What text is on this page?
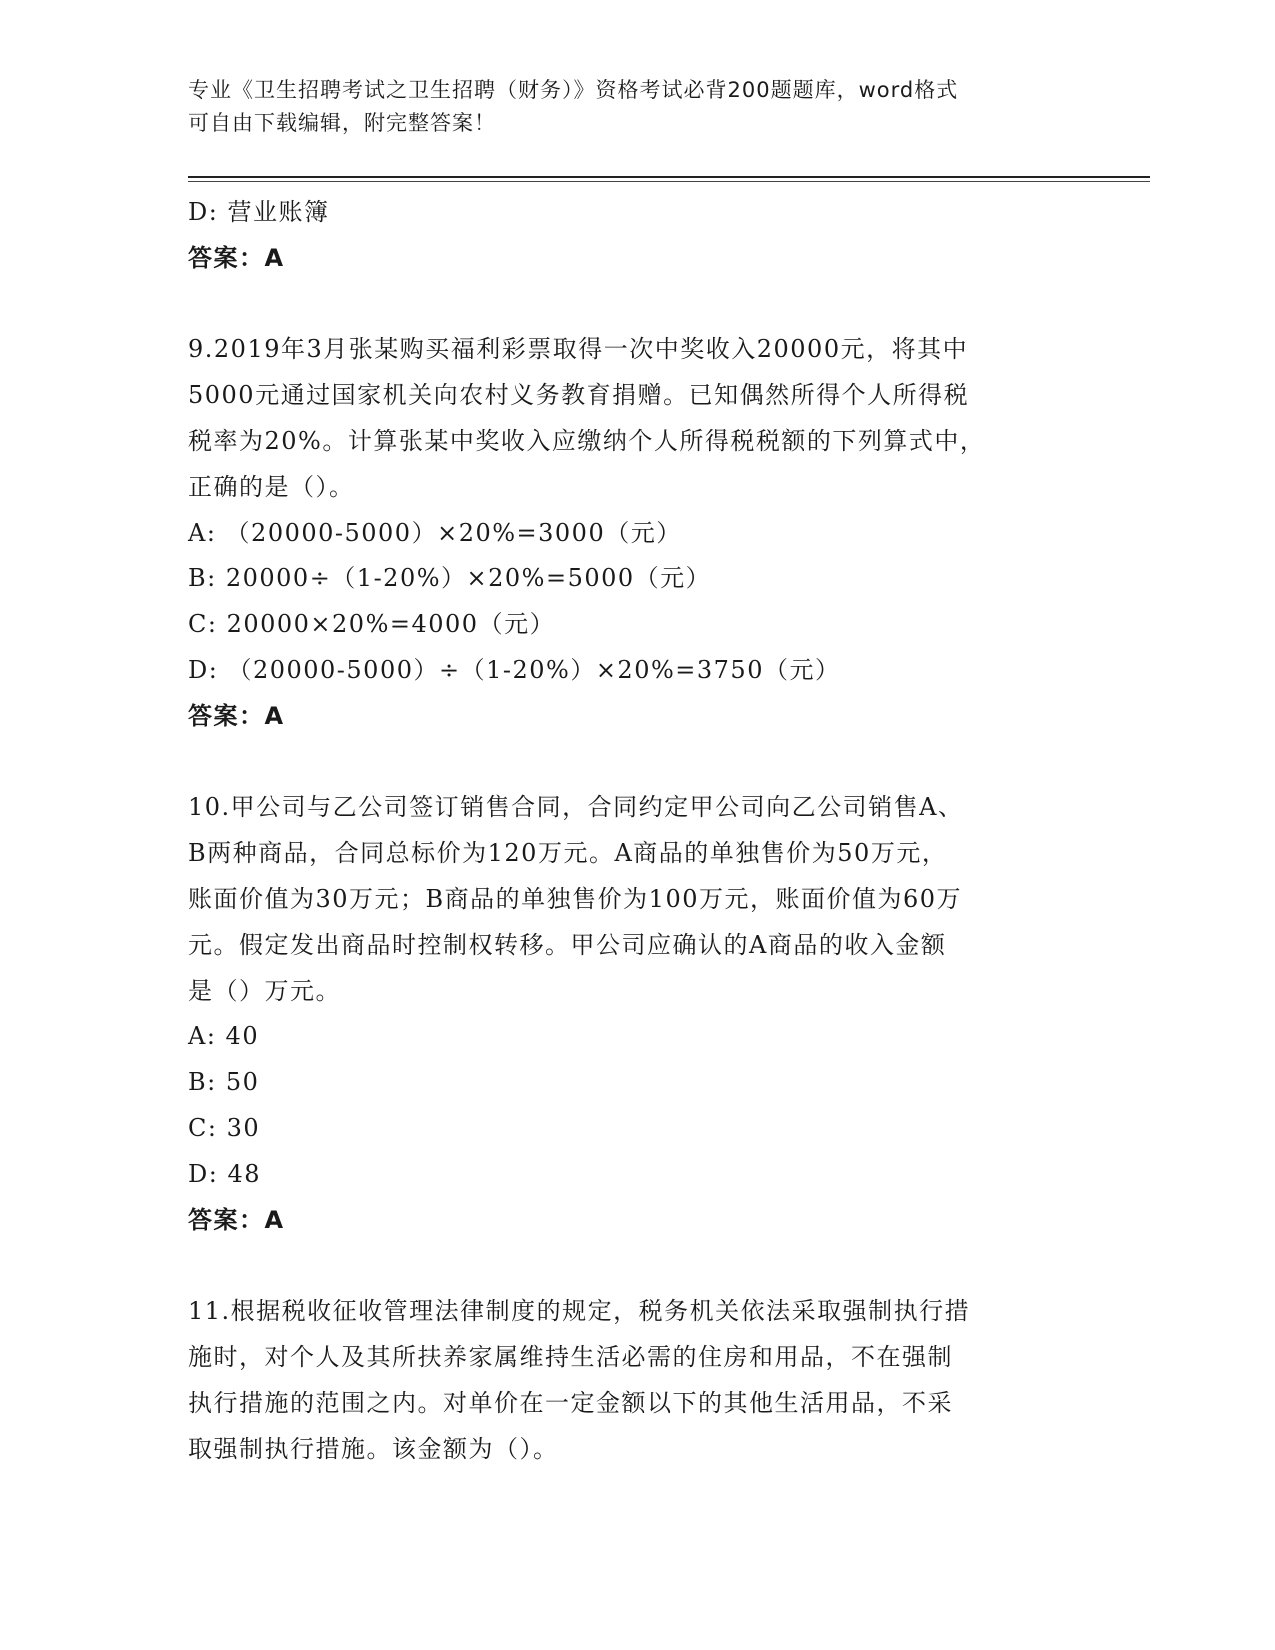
专业《卫生招聘考试之卫生招聘（财务）》资格考试必背200题题库，word格式
可自由下载编辑，附完整答案！
D: 营业账簿
答案：A
9.2019年3月张某购买福利彩票取得一次中奖收入20000元，将其中
5000元通过国家机关向农村义务教育捐赠。已知偶然所得个人所得税
税率为20%。计算张某中奖收入应缴纳个人所得税税额的下列算式中，
正确的是（）。
A: （20000-5000）×20%=3000（元）
B: 20000÷（1-20%）×20%=5000（元）
C: 20000×20%=4000（元）
D: （20000-5000）÷（1-20%）×20%=3750（元）
答案：A
10.甲公司与乙公司签订销售合同，合同约定甲公司向乙公司销售A、
B两种商品，合同总标价为120万元。A商品的单独售价为50万元，
账面价值为30万元；B商品的单独售价为100万元，账面价值为60万
元。假定发出商品时控制权转移。甲公司应确认的A商品的收入金额
是（）万元。
A: 40
B: 50
C: 30
D: 48
答案：A
11.根据税收征收管理法律制度的规定，税务机关依法采取强制执行措
施时，对个人及其所扶养家属维持生活必需的住房和用品，不在强制
执行措施的范围之内。对单价在一定金额以下的其他生活用品，不采
取强制执行措施。该金额为（）。
